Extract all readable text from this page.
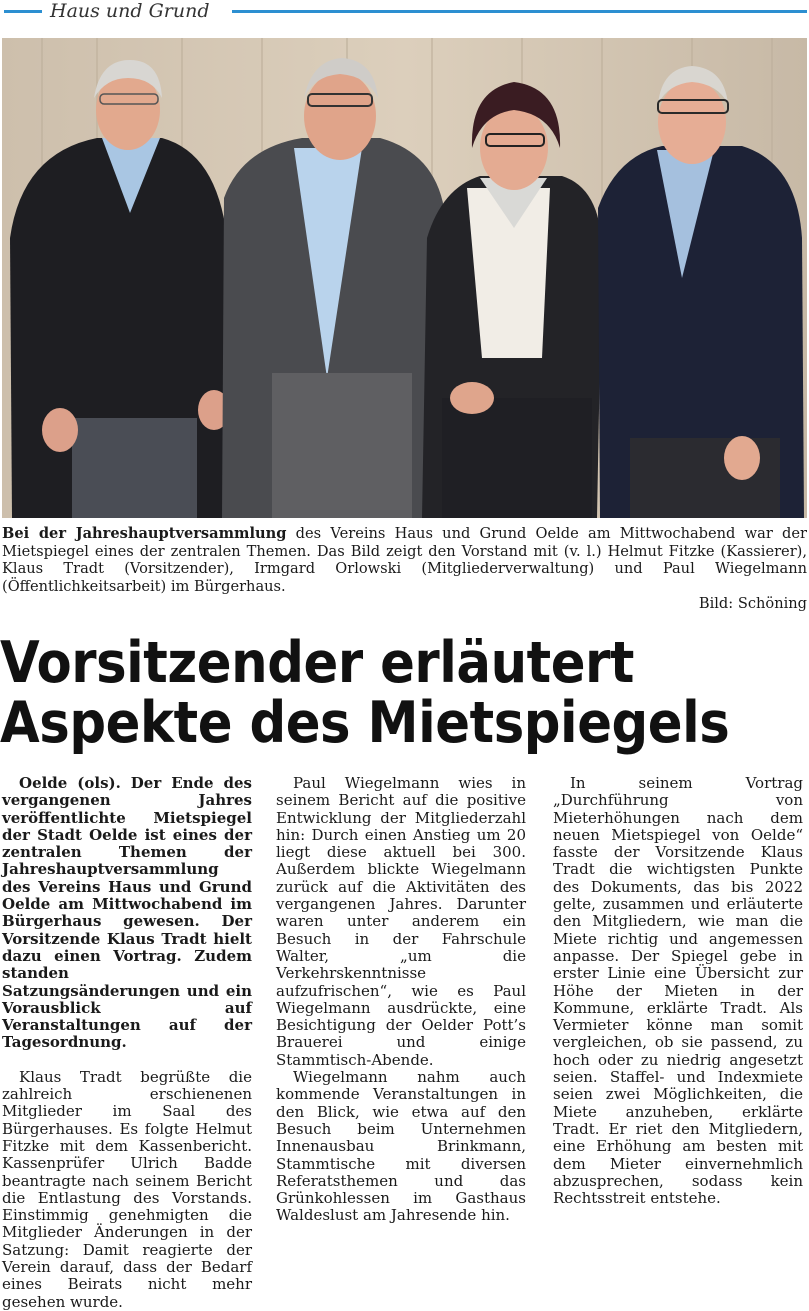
Haus und Grund
Bei der Jahreshauptversammlung des Vereins Haus und Grund Oelde am Mittwochabend war der Mietspiegel eines der zentralen Themen. Das Bild zeigt den Vorstand mit (v. l.) Helmut Fitzke (Kassierer), Klaus Tradt (Vorsitzender), Irmgard Orlowski (Mitgliederverwaltung) und Paul Wiegelmann (Öffentlichkeitsarbeit) im Bürgerhaus.
Bild: Schöning
Vorsitzender erläutert
Aspekte des Mietspiegels

Oelde (ols). Der Ende des vergangenen Jahres veröffentlichte Mietspiegel der Stadt Oelde ist eines der zentralen Themen der Jahreshauptversammlung des Vereins Haus und Grund Oelde am Mittwochabend im Bürgerhaus gewesen. Der Vorsitzende Klaus Tradt hielt dazu einen Vortrag. Zudem standen Satzungsänderungen und ein Vorausblick auf Veranstaltungen auf der Tagesordnung.

Klaus Tradt begrüßte die zahlreich erschienenen Mitglieder im Saal des Bürgerhauses. Es folgte Helmut Fitzke mit dem Kassenbericht. Kassenprüfer Ulrich Badde beantragte nach seinem Bericht die Entlastung des Vorstands. Einstimmig genehmigten die Mitglieder Änderungen in der Satzung: Damit reagierte der Verein darauf, dass der Bedarf eines Beirats nicht mehr gesehen wurde.

Paul Wiegelmann wies in seinem Bericht auf die positive Entwicklung der Mitgliederzahl hin: Durch einen Anstieg um 20 liegt diese aktuell bei 300. Außerdem blickte Wiegelmann zurück auf die Aktivitäten des vergangenen Jahres. Darunter waren unter anderem ein Besuch in der Fahrschule Walter, „um die Verkehrskenntnisse aufzufrischen“, wie es Paul Wiegelmann ausdrückte, eine Besichtigung der Oelder Pott’s Brauerei und einige Stammtisch-Abende.

Wiegelmann nahm auch kommende Veranstaltungen in den Blick, wie etwa auf den Besuch beim Unternehmen Innenausbau Brinkmann, Stammtische mit diversen Referatsthemen und das Grünkohlessen im Gasthaus Waldeslust am Jahresende hin.

In seinem Vortrag „Durchführung von Mieterhöhungen nach dem neuen Mietspiegel von Oelde“ fasste der Vorsitzende Klaus Tradt die wichtigsten Punkte des Dokuments, das bis 2022 gelte, zusammen und erläuterte den Mitgliedern, wie man die Miete richtig und angemessen anpasse. Der Spiegel gebe in erster Linie eine Übersicht zur Höhe der Mieten in der Kommune, erklärte Tradt. Als Vermieter könne man somit vergleichen, ob sie passend, zu hoch oder zu niedrig angesetzt seien. Staffel- und Indexmiete seien zwei Möglichkeiten, die Miete anzuheben, erklärte Tradt. Er riet den Mitgliedern, eine Erhöhung am besten mit dem Mieter einvernehmlich abzusprechen, sodass kein Rechtsstreit entstehe.
